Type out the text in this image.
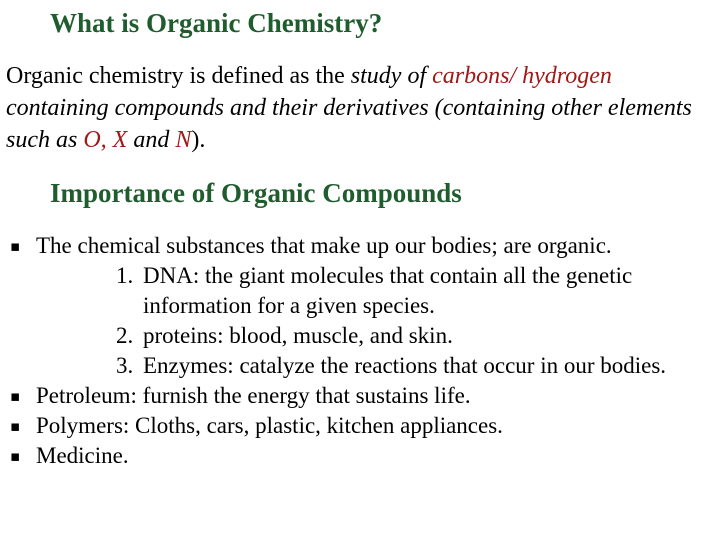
What is Organic Chemistry?

Organic chemistry is defined as the study of carbons/ hydrogen containing compounds and their derivatives (containing other elements such as O, X and N).

Importance of Organic Compounds
▪ The chemical substances that make up our bodies; are organic.
1. DNA: the giant molecules that contain all the genetic information for a given species.
2. proteins: blood, muscle, and skin.
3. Enzymes: catalyze the reactions that occur in our bodies.
▪ Petroleum: furnish the energy that sustains life.
▪ Polymers: Cloths, cars, plastic, kitchen appliances.
▪ Medicine.
